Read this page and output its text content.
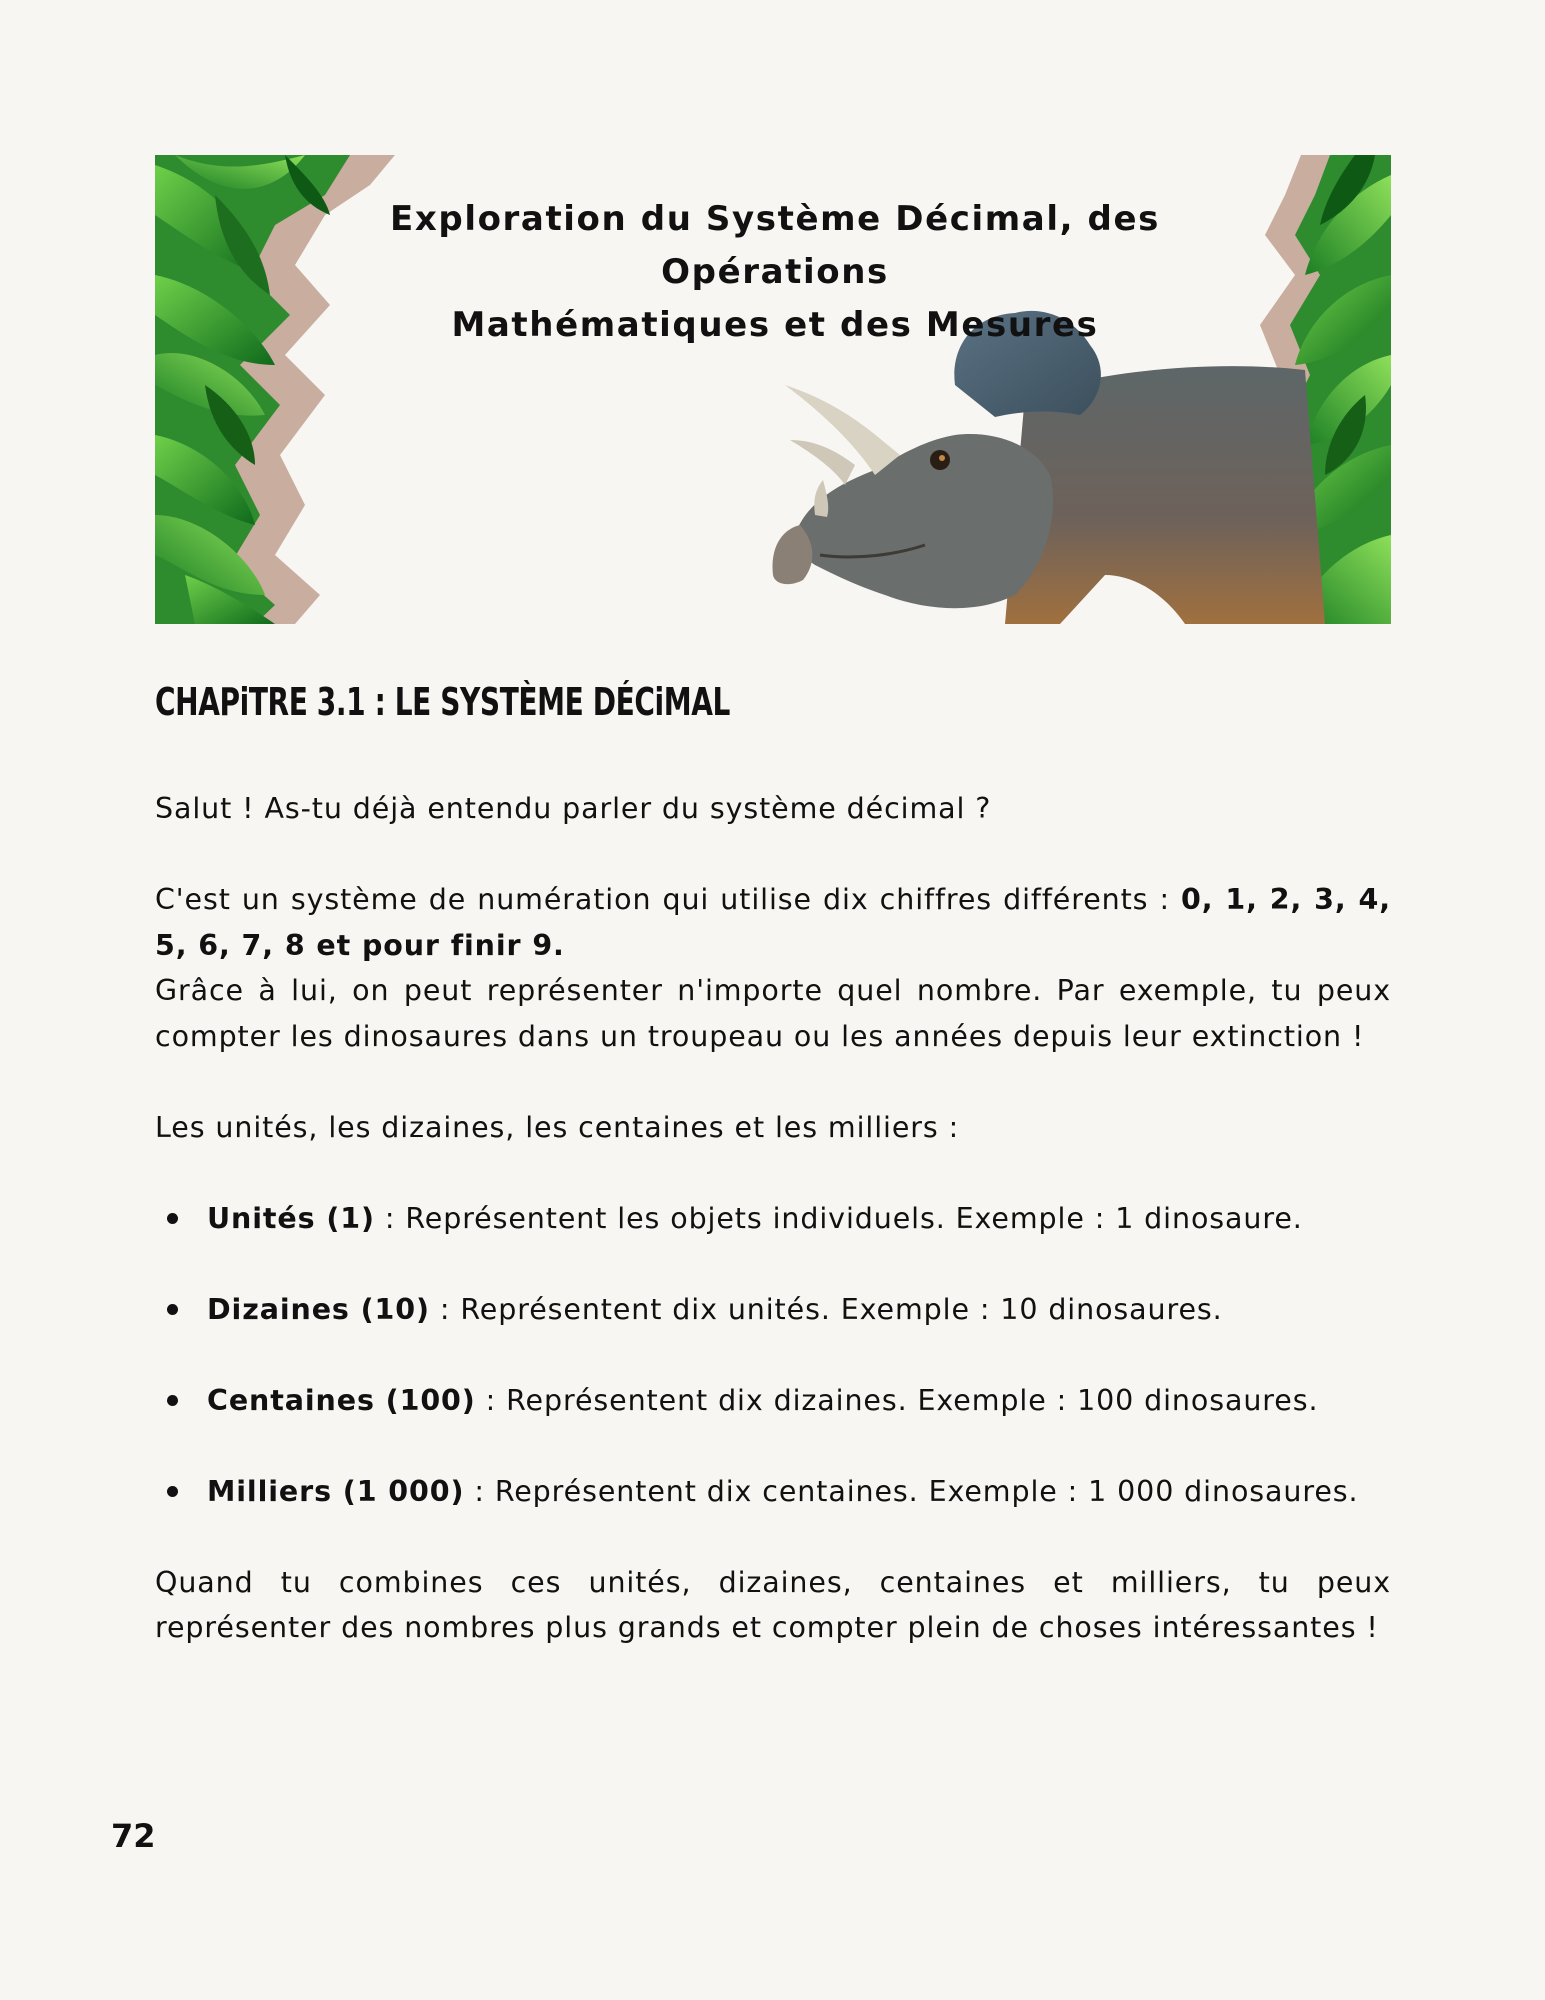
Exploration du Système Décimal, des Opérations
Mathématiques et des Mesures
CHAPiTRE 3.1 : LE SYSTÈME DÉCiMAL

Salut ! As-tu déjà entendu parler du système décimal ?

C'est un système de numération qui utilise dix chiffres différents : 0, 1, 2, 3, 4, 5, 6, 7, 8 et pour finir 9.

Grâce à lui, on peut représenter n'importe quel nombre. Par exemple, tu peux compter les dinosaures dans un troupeau ou les années depuis leur extinction !

Les unités, les dizaines, les centaines et les milliers :

Unités (1) : Représentent les objets individuels. Exemple : 1 dinosaure.
Dizaines (10) : Représentent dix unités. Exemple : 10 dinosaures.
Centaines (100) : Représentent dix dizaines. Exemple : 100 dinosaures.
Milliers (1 000) : Représentent dix centaines. Exemple : 1 000 dinosaures.

Quand tu combines ces unités, dizaines, centaines et milliers, tu peux représenter des nombres plus grands et compter plein de choses intéressantes !

72
